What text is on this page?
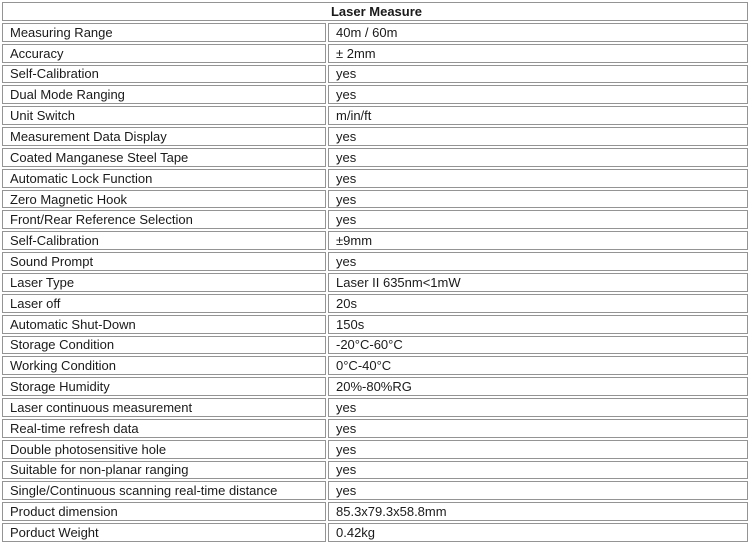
Laser Measure	
Measuring Range	40m / 60m
Accuracy	± 2mm
Self-Calibration	yes
Dual Mode Ranging	yes
Unit Switch	m/in/ft
Measurement Data Display	yes
Coated Manganese Steel Tape	yes
Automatic Lock Function	yes
Zero Magnetic Hook	yes
Front/Rear Reference Selection	yes
Self-Calibration	±9mm
Sound Prompt	yes
Laser Type	Laser II 635nm<1mW
Laser off	20s
Automatic Shut-Down	150s
Storage Condition	-20°C-60°C
Working Condition	0°C-40°C
Storage Humidity	20%-80%RG
Laser continuous measurement	yes
Real-time refresh data	yes
Double photosensitive hole	yes
Suitable for non-planar ranging	yes
Single/Continuous scanning real-time distance	yes
Product dimension	85.3x79.3x58.8mm
Porduct Weight	0.42kg
